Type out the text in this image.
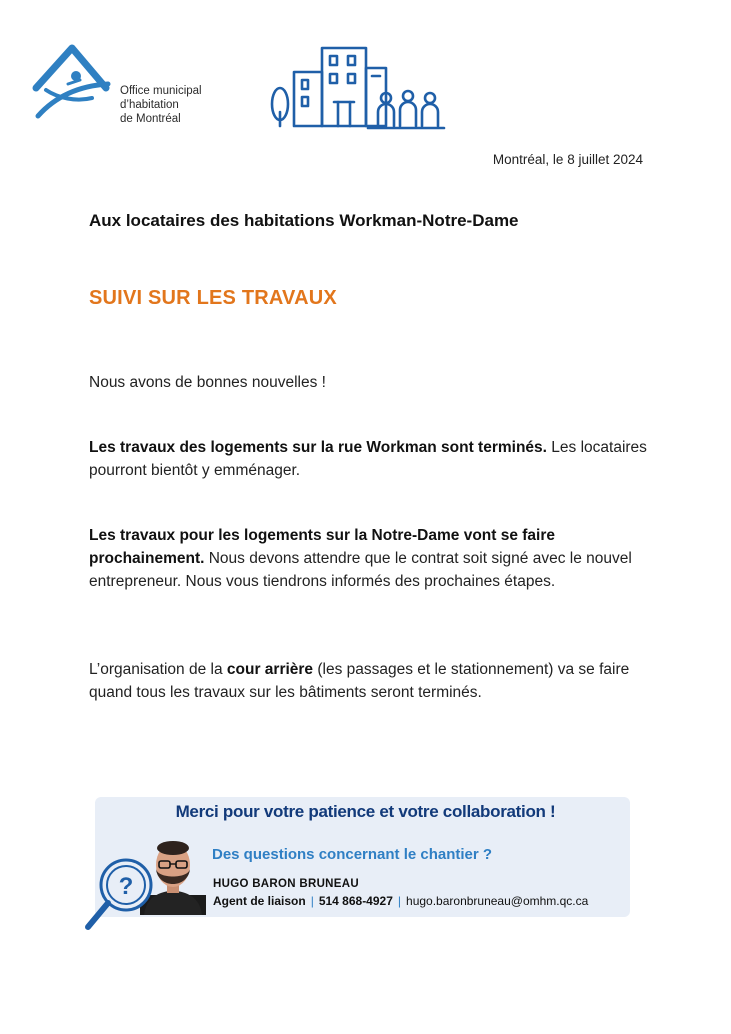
Office municipal
d’habitation
de Montréal
Montréal, le 8 juillet 2024
Aux locataires des habitations Workman-Notre-Dame
SUIVI SUR LES TRAVAUX
Nous avons de bonnes nouvelles !
Les travaux des logements sur la rue Workman sont terminés. Les locataires pourront bientôt y emménager.
Les travaux pour les logements sur la Notre-Dame vont se faire prochainement. Nous devons attendre que le contrat soit signé avec le nouvel entrepreneur. Nous vous tiendrons informés des prochaines étapes.
L’organisation de la cour arrière (les passages et le stationnement) va se faire quand tous les travaux sur les bâtiments seront terminés.
Merci pour votre patience et votre collaboration !
Des questions concernant le chantier ?
HUGO BARON BRUNEAU
Agent de liaison | 514 868-4927 | hugo.baronbruneau@omhm.qc.ca
?
